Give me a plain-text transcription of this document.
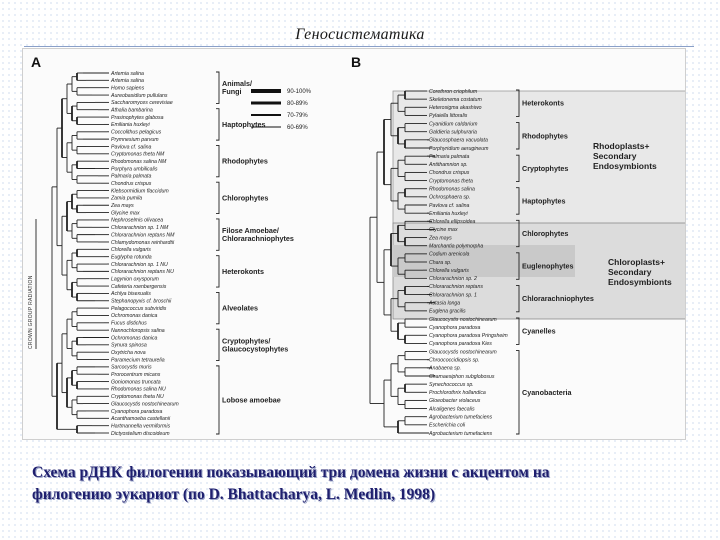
Геносистематика
A
CROWN GROUP RADIATION
90-100%
80-89%
70-79%
60-69%
Artemia salina
Artemia salina
Homo sapiens
Aureobasidium pullulans
Saccharomyces cerevisiae
Athalia bambarina
Prasinophytes glabosa
Emiliania huxleyi
Coccolithus pelagicus
Prymnesium parvum
Pavlova cf. salina
Cryptomonas theta NM
Rhodomonas salina NM
Porphyra umbilicalis
Palmaria palmata
Chondrus crispus
Klebsormidium flaccidum
Zamia pumila
Zea mays
Glycine max
Nephroselmis olivacea
Chlorarachnion sp. 1 NM
Chlorarachnion reptans NM
Chlamydomonas reinhardtii
Chlorella vulgaris
Euglypha rotunda
Chlorarachnion sp. 1 NU
Chlorarachnion reptans NU
Lagynion oxysporum
Cafeteria roenbergensis
Achlya bisexualis
Stephanopyxis cf. broschii
Pelagococcus subviridis
Ochromonas danica
Fucus distichus
Nannochloropsis salina
Ochromonas danica
Synura spinosa
Oxytricha nova
Paramecium tetraurelia
Sarcocystis muris
Prorocentrum micans
Goniomonas truncata
Rhodomonas salina NU
Cryptomonas theta NU
Glaucocystis nostochinearum
Cyanophora paradoxa
Acanthamoeba castellanii
Hartmannella vermiformis
Dictyostelium discoideum
Animals/
Fungi
Haptophytes
Rhodophytes
Chlorophytes
Filose Amoebae/
Chlorarachniophytes
Heterokonts
Alveolates
Cryptophytes/
Glaucocystophytes
Lobose amoebae
B
Corethron criophilum
Skeletonema costatum
Heterosigma akashiwo
Pylaiella littoralis
Cyanidium caldarium
Galdieria sulphuraria
Glaucosphaera vacuolata
Porphyridium aerugineum
Palmaria palmata
Antithamnion sp.
Chondrus crispus
Cryptomonas theta
Rhodomonas salina
Ochrosphaera sp.
Pavlova cf. salina
Emiliania huxleyi
Chlorella ellipsoidea
Glycine max
Zea mays
Marchantia polymorpha
Codium arenicola
Chara sp.
Chlorella vulgaris
Chlorarachnion sp. 2
Chlorarachnion reptans
Chlorarachnion sp. 1
Astasia longa
Euglena gracilis
Glaucocystis nostochinearum
Cyanophora paradoxa
Cyanophora paradoxa Pringsheim
Cyanophora paradoxa Kies
Glaucocystis nostochinearum
Chroococcidiopsis sp.
Anabaena sp.
Chamaesiphon subglobosus
Synechococcus sp.
Prochlorothrix hollandica
Gloeobacter violaceus
Alcaligenes faecalis
Agrobacterium tumefaciens
Escherichia coli
Agrobacterium tumefaciens
Heterokonts
Rhodophytes
Cryptophytes
Haptophytes
Chlorophytes
Euglenophytes
Chlorarachniophytes
Cyanelles
Cyanobacteria
Rhodoplasts+
Secondary
Endosymbionts
Chloroplasts+
Secondary
Endosymbionts
Схема рДНК филогении показывающий три домена жизни с акцентом на
филогению эукариот (по D. Bhattacharya, L. Medlin, 1998)
